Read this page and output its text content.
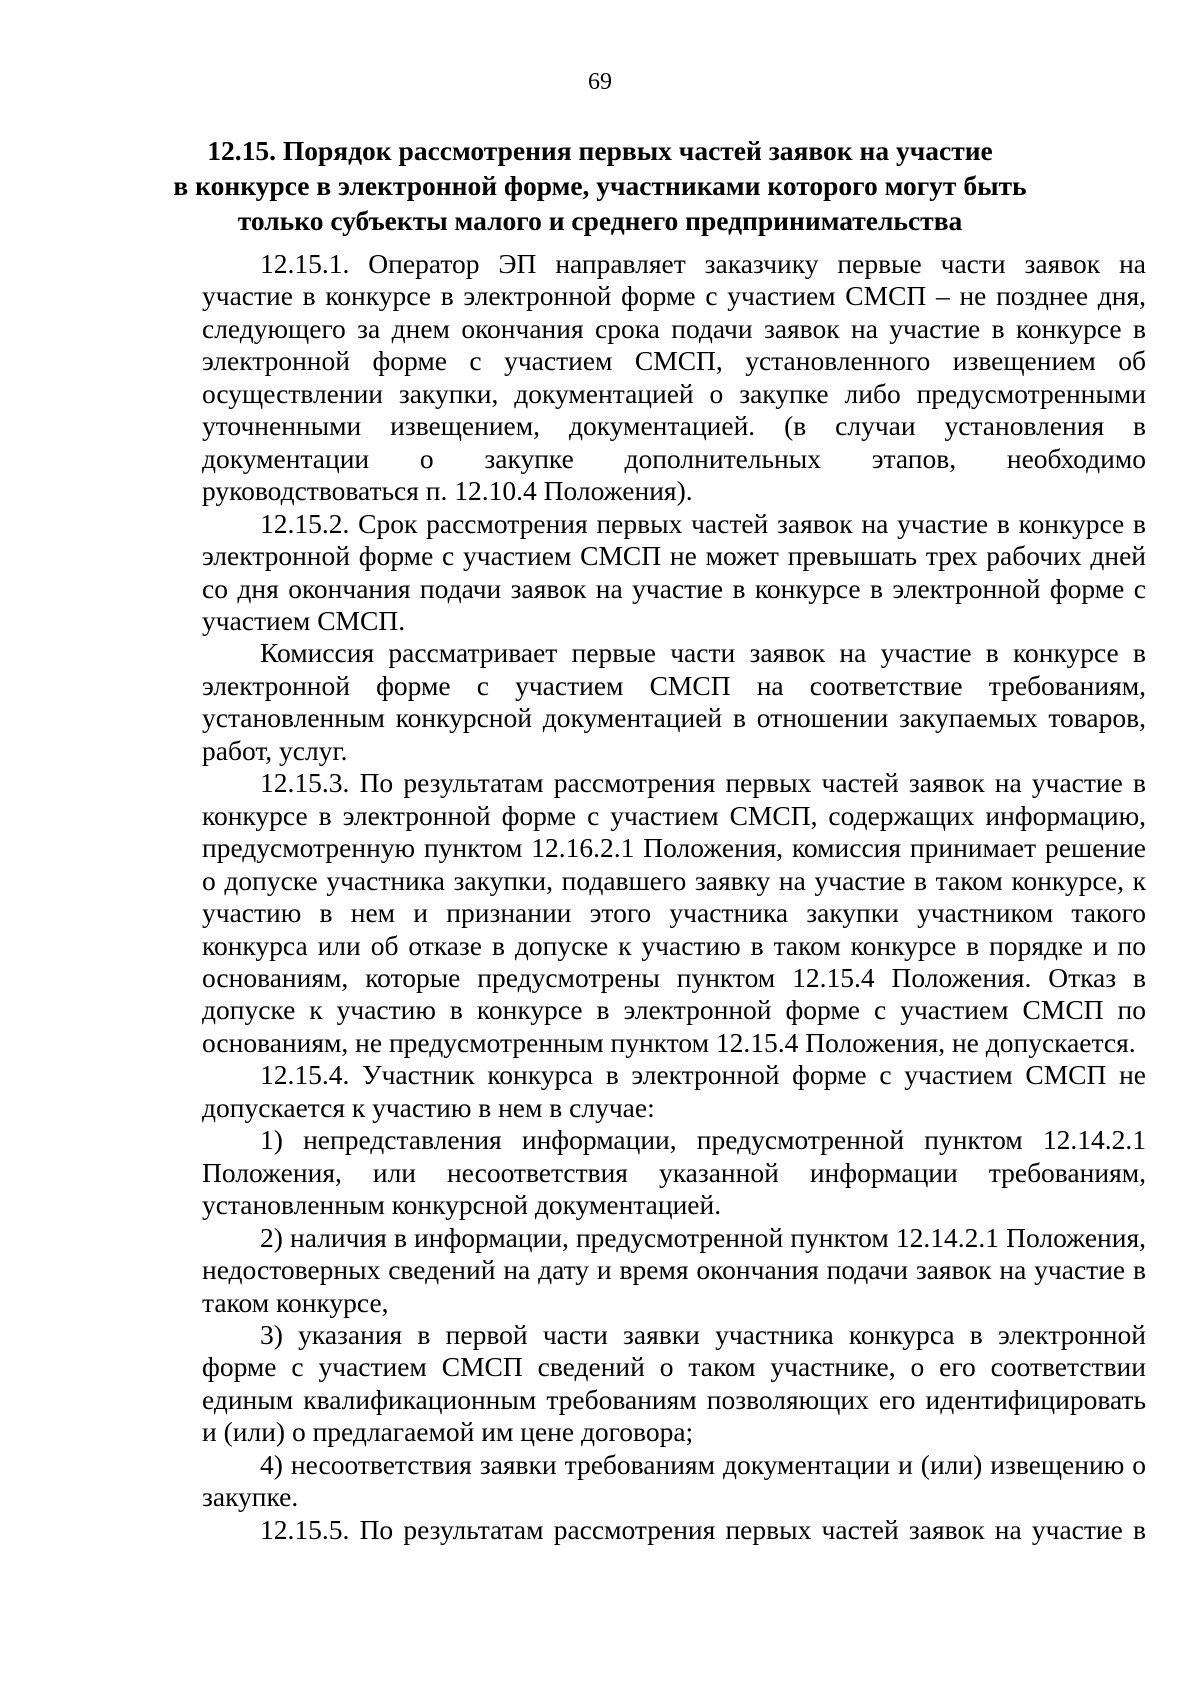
69
12.15. Порядок рассмотрения первых частей заявок на участие
в конкурсе в электронной форме, участниками которого могут быть
только субъекты малого и среднего предпринимательства

12.15.1. Оператор ЭП направляет заказчику первые части заявок на участие в конкурсе в электронной форме с участием СМСП – не позднее дня, следующего за днем окончания срока подачи заявок на участие в конкурсе в электронной форме с участием СМСП, установленного извещением об осуществлении закупки, документацией о закупке либо предусмотренными уточненными извещением, документацией. (в случаи установления в документации о закупке дополнительных этапов, необходимо руководствоваться п. 12.10.4 Положения).

12.15.2. Срок рассмотрения первых частей заявок на участие в конкурсе в электронной форме с участием СМСП не может превышать трех рабочих дней со дня окончания подачи заявок на участие в конкурсе в электронной форме с участием СМСП.

Комиссия рассматривает первые части заявок на участие в конкурсе в электронной форме с участием СМСП на соответствие требованиям, установленным конкурсной документацией в отношении закупаемых товаров, работ, услуг.

12.15.3. По результатам рассмотрения первых частей заявок на участие в конкурсе в электронной форме с участием СМСП, содержащих информацию, предусмотренную пунктом 12.16.2.1 Положения, комиссия принимает решение о допуске участника закупки, подавшего заявку на участие в таком конкурсе, к участию в нем и признании этого участника закупки участником такого конкурса или об отказе в допуске к участию в таком конкурсе в порядке и по основаниям, которые предусмотрены пунктом 12.15.4 Положения. Отказ в допуске к участию в конкурсе в электронной форме с участием СМСП по основаниям, не предусмотренным пунктом 12.15.4 Положения, не допускается.

12.15.4. Участник конкурса в электронной форме с участием СМСП не допускается к участию в нем в случае:

1) непредставления информации, предусмотренной пунктом 12.14.2.1 Положения, или несоответствия указанной информации требованиям, установленным конкурсной документацией.

2) наличия в информации, предусмотренной пунктом 12.14.2.1 Положения, недостоверных сведений на дату и время окончания подачи заявок на участие в таком конкурсе,

3) указания в первой части заявки участника конкурса в электронной форме с участием СМСП сведений о таком участнике, о его соответствии единым квалификационным требованиям позволяющих его идентифицировать и (или) о предлагаемой им цене договора;

4) несоответствия заявки требованиям документации и (или) извещению о закупке.

12.15.5. По результатам рассмотрения первых частей заявок на участие в
